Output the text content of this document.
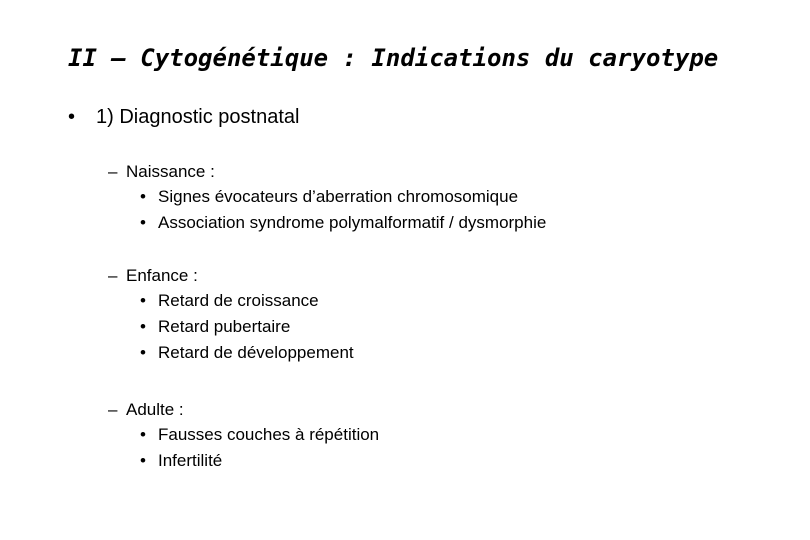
II – Cytogénétique : Indications du caryotype
• 1) Diagnostic postnatal
– Naissance :
• Signes évocateurs d’aberration chromosomique
• Association syndrome polymalformatif / dysmorphie
– Enfance :
• Retard de croissance
• Retard pubertaire
• Retard de développement
– Adulte :
• Fausses couches à répétition
• Infertilité
